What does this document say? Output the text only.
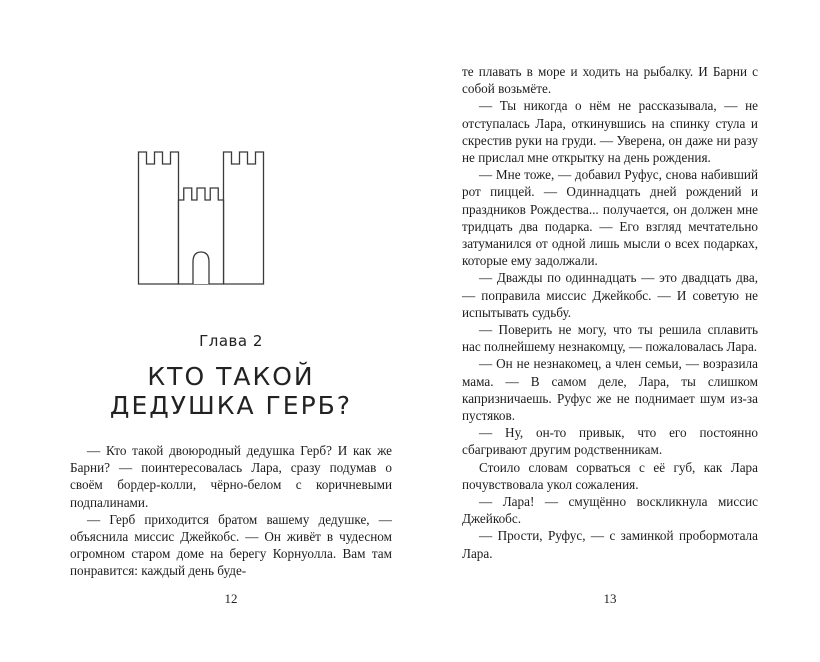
Глава 2
КТО ТАКОЙ
ДЕДУШКА ГЕРБ?

— Кто такой двоюродный дедушка Герб? И как же Барни? — поинтересовалась Лара, сразу подумав о своём бордер-колли, чёрно-белом с коричневыми подпалинами.

— Герб приходится братом вашему дедушке, — объяснила миссис Джейкобс. — Он живёт в чудесном огромном старом доме на берегу Корнуолла. Вам там понравится: каждый день буде-

те плавать в море и ходить на рыбалку. И Барни с собой возьмёте.

— Ты никогда о нём не рассказывала, — не отступалась Лара, откинувшись на спинку стула и скрестив руки на груди. — Уверена, он даже ни разу не прислал мне открытку на день рождения.

— Мне тоже, — добавил Руфус, снова набивший рот пиццей. — Одиннадцать дней рождений и праздников Рождества... получается, он должен мне тридцать два подарка. — Его взгляд мечтательно затуманился от одной лишь мысли о всех подарках, которые ему задолжали.

— Дважды по одиннадцать — это двадцать два, — поправила миссис Джейкобс. — И советую не испытывать судьбу.

— Поверить не могу, что ты решила сплавить нас полнейшему незнакомцу, — пожаловалась Лара.

— Он не незнакомец, а член семьи, — возразила мама. — В самом деле, Лара, ты слишком капризничаешь. Руфус же не поднимает шум из-за пустяков.

— Ну, он-то привык, что его постоянно сбагривают другим родственникам.

Стоило словам сорваться с её губ, как Лара почувствовала укол сожаления.

— Лара! — смущённо воскликнула миссис Джейкобс.

— Прости, Руфус, — с заминкой пробормотала Лара.

12	13
